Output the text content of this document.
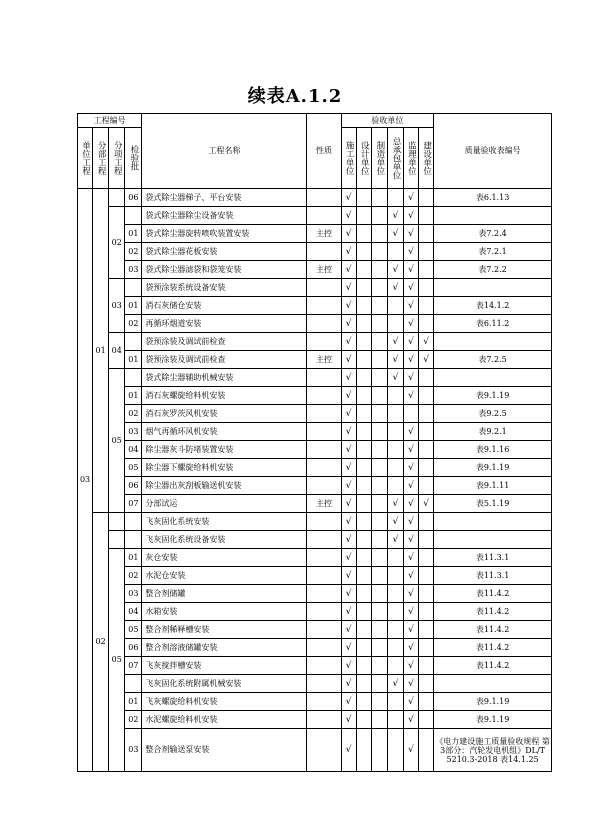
续表A.1.2
工程编号				工程名称	性质	验收单位						质量验收表编号

单位工程	分部工程	分项工程	检验批			施工单位	设计单位	制造单位	总承包单位	监理单位	建设单位	

03	01		06	袋式除尘器梯子、平台安装		√				√		表6.1.13
		02		袋式除尘器除尘设备安装		√			√	√		
			01	袋式除尘器旋转喷吹装置安装	主控	√			√	√		表7.2.4
			02	袋式除尘器花板安装		√				√		表7.2.1
			03	袋式除尘器滤袋和袋笼安装	主控	√			√	√		表7.2.2
		03		袋预涂装系统设备安装		√			√	√		
			01	消石灰储仓安装		√				√		表14.1.2
			02	再循环烟道安装		√				√		表6.11.2
		04		袋预涂装及调试前检查		√			√	√	√	
			01	袋预涂装及调试前检查	主控	√			√	√	√	表7.2.5
		05		袋式除尘器辅助机械安装		√			√	√		
			01	消石灰螺旋给料机安装		√				√		表9.1.19
			02	消石灰罗茨风机安装		√						表9.2.5
			03	烟气再循环风机安装		√				√		表9.2.1
			04	除尘器灰斗防堵装置安装		√				√		表9.1.16
			05	除尘器下螺旋给料机安装		√				√		表9.1.19
			06	除尘器出灰刮板输送机安装		√				√		表9.1.11
			07	分部试运	主控	√			√	√	√	表5.1.19
	02			飞灰固化系统安装		√			√	√		
				飞灰固化系统设备安装		√			√	√		
		05	01	灰仓安装		√				√		表11.3.1
			02	水泥仓安装		√				√		表11.3.1
			03	整合剂储罐		√				√		表11.4.2
			04	水箱安装		√				√		表11.4.2
			05	整合剂稀释槽安装		√				√		表11.4.2
			06	整合剂溶液储罐安装		√				√		表11.4.2
			07	飞灰搅拌槽安装		√				√		表11.4.2
				飞灰固化系统附属机械安装		√			√	√		
			01	飞灰螺旋给料机安装		√				√		表9.1.19
			02	水泥螺旋给料机安装		√				√		表9.1.19
			03	整合剂输送泵安装		√				√		《电力建设施工质量验收规程 第3部分：汽轮发电机组》DL/T 5210.3-2018 表14.1.25
